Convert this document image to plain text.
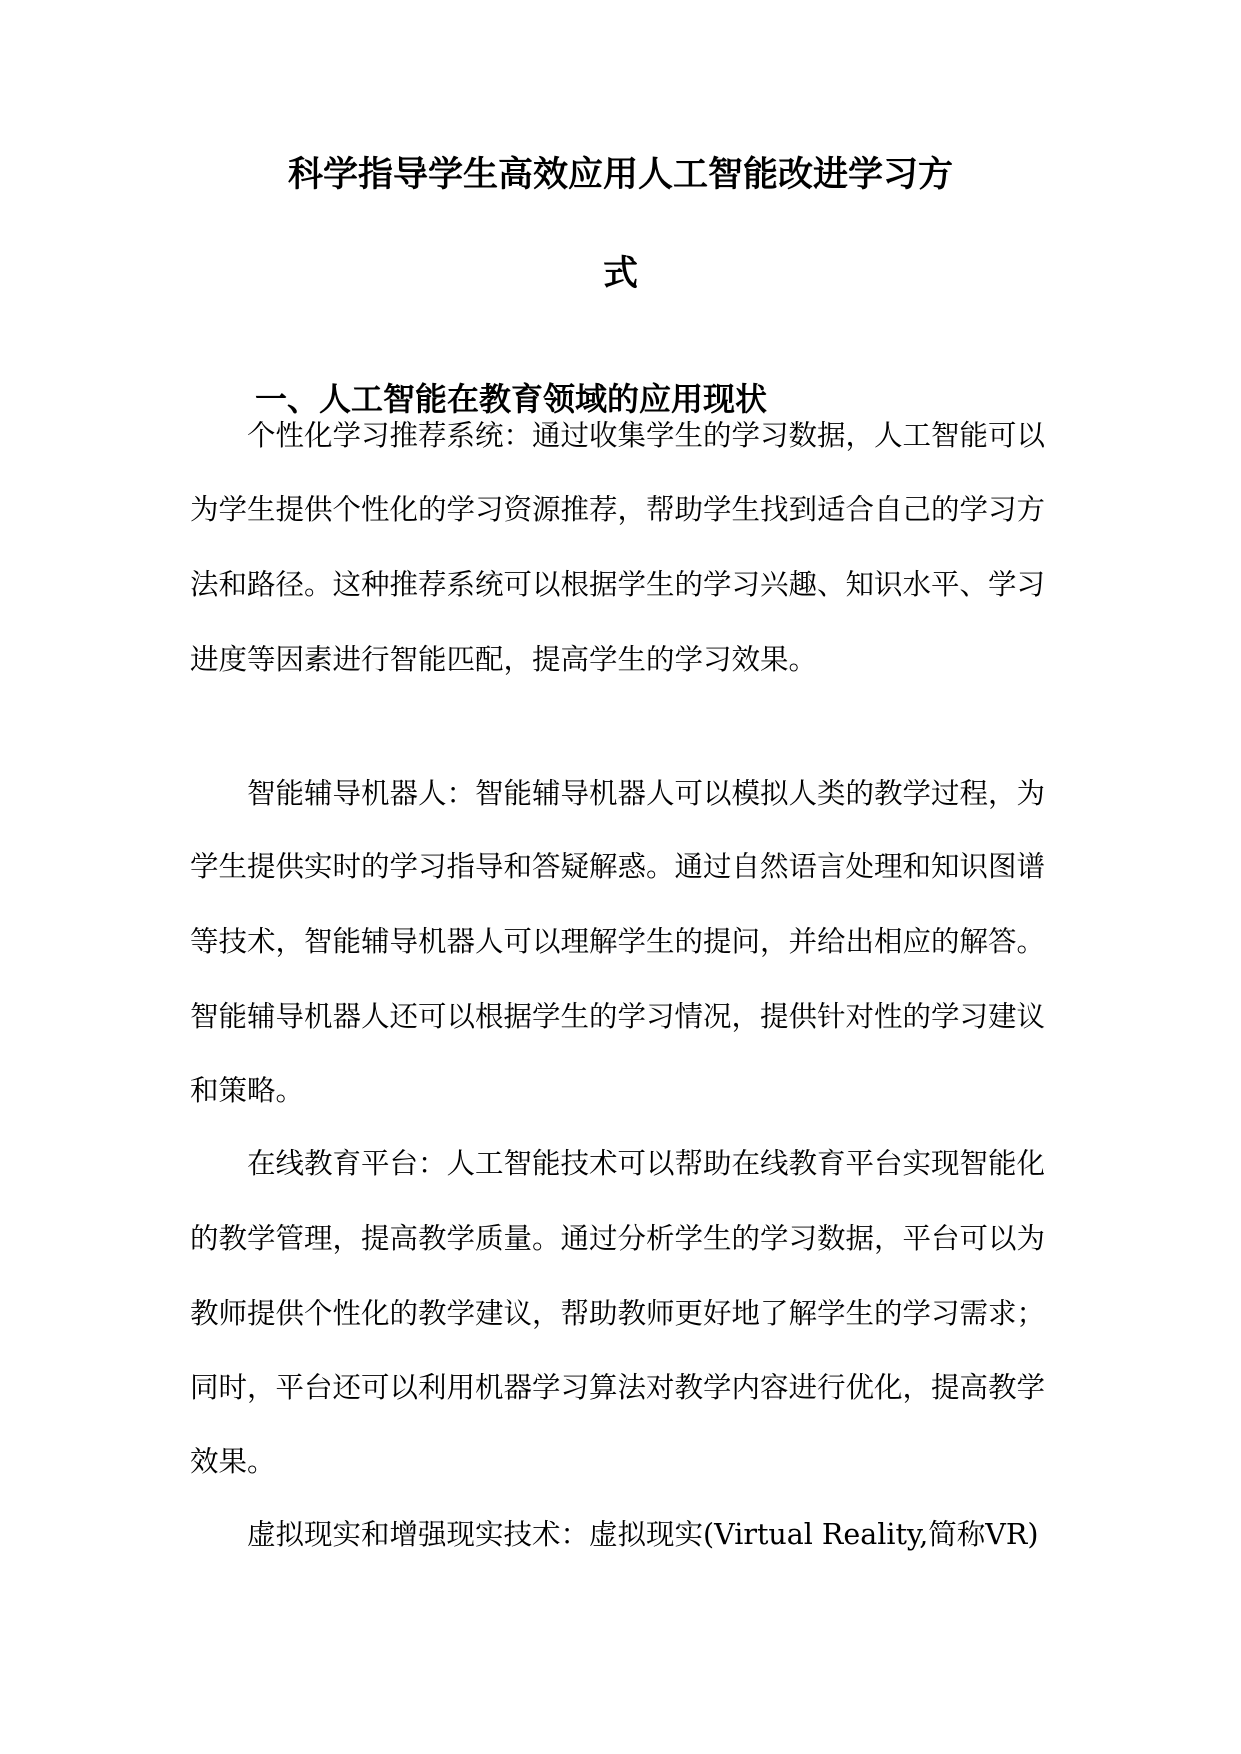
科学指导学生高效应用人工智能改进学习方
式
一、人工智能在教育领域的应用现状
个性化学习推荐系统：通过收集学生的学习数据，人工智能可以
为学生提供个性化的学习资源推荐，帮助学生找到适合自己的学习方
法和路径。这种推荐系统可以根据学生的学习兴趣、知识水平、学习
进度等因素进行智能匹配，提高学生的学习效果。
智能辅导机器人：智能辅导机器人可以模拟人类的教学过程，为
学生提供实时的学习指导和答疑解惑。通过自然语言处理和知识图谱
等技术，智能辅导机器人可以理解学生的提问，并给出相应的解答。
智能辅导机器人还可以根据学生的学习情况，提供针对性的学习建议
和策略。
在线教育平台：人工智能技术可以帮助在线教育平台实现智能化
的教学管理，提高教学质量。通过分析学生的学习数据，平台可以为
教师提供个性化的教学建议，帮助教师更好地了解学生的学习需求；
同时，平台还可以利用机器学习算法对教学内容进行优化，提高教学
效果。
虚拟现实和增强现实技术：虚拟现实(Virtual Reality,简称VR)
